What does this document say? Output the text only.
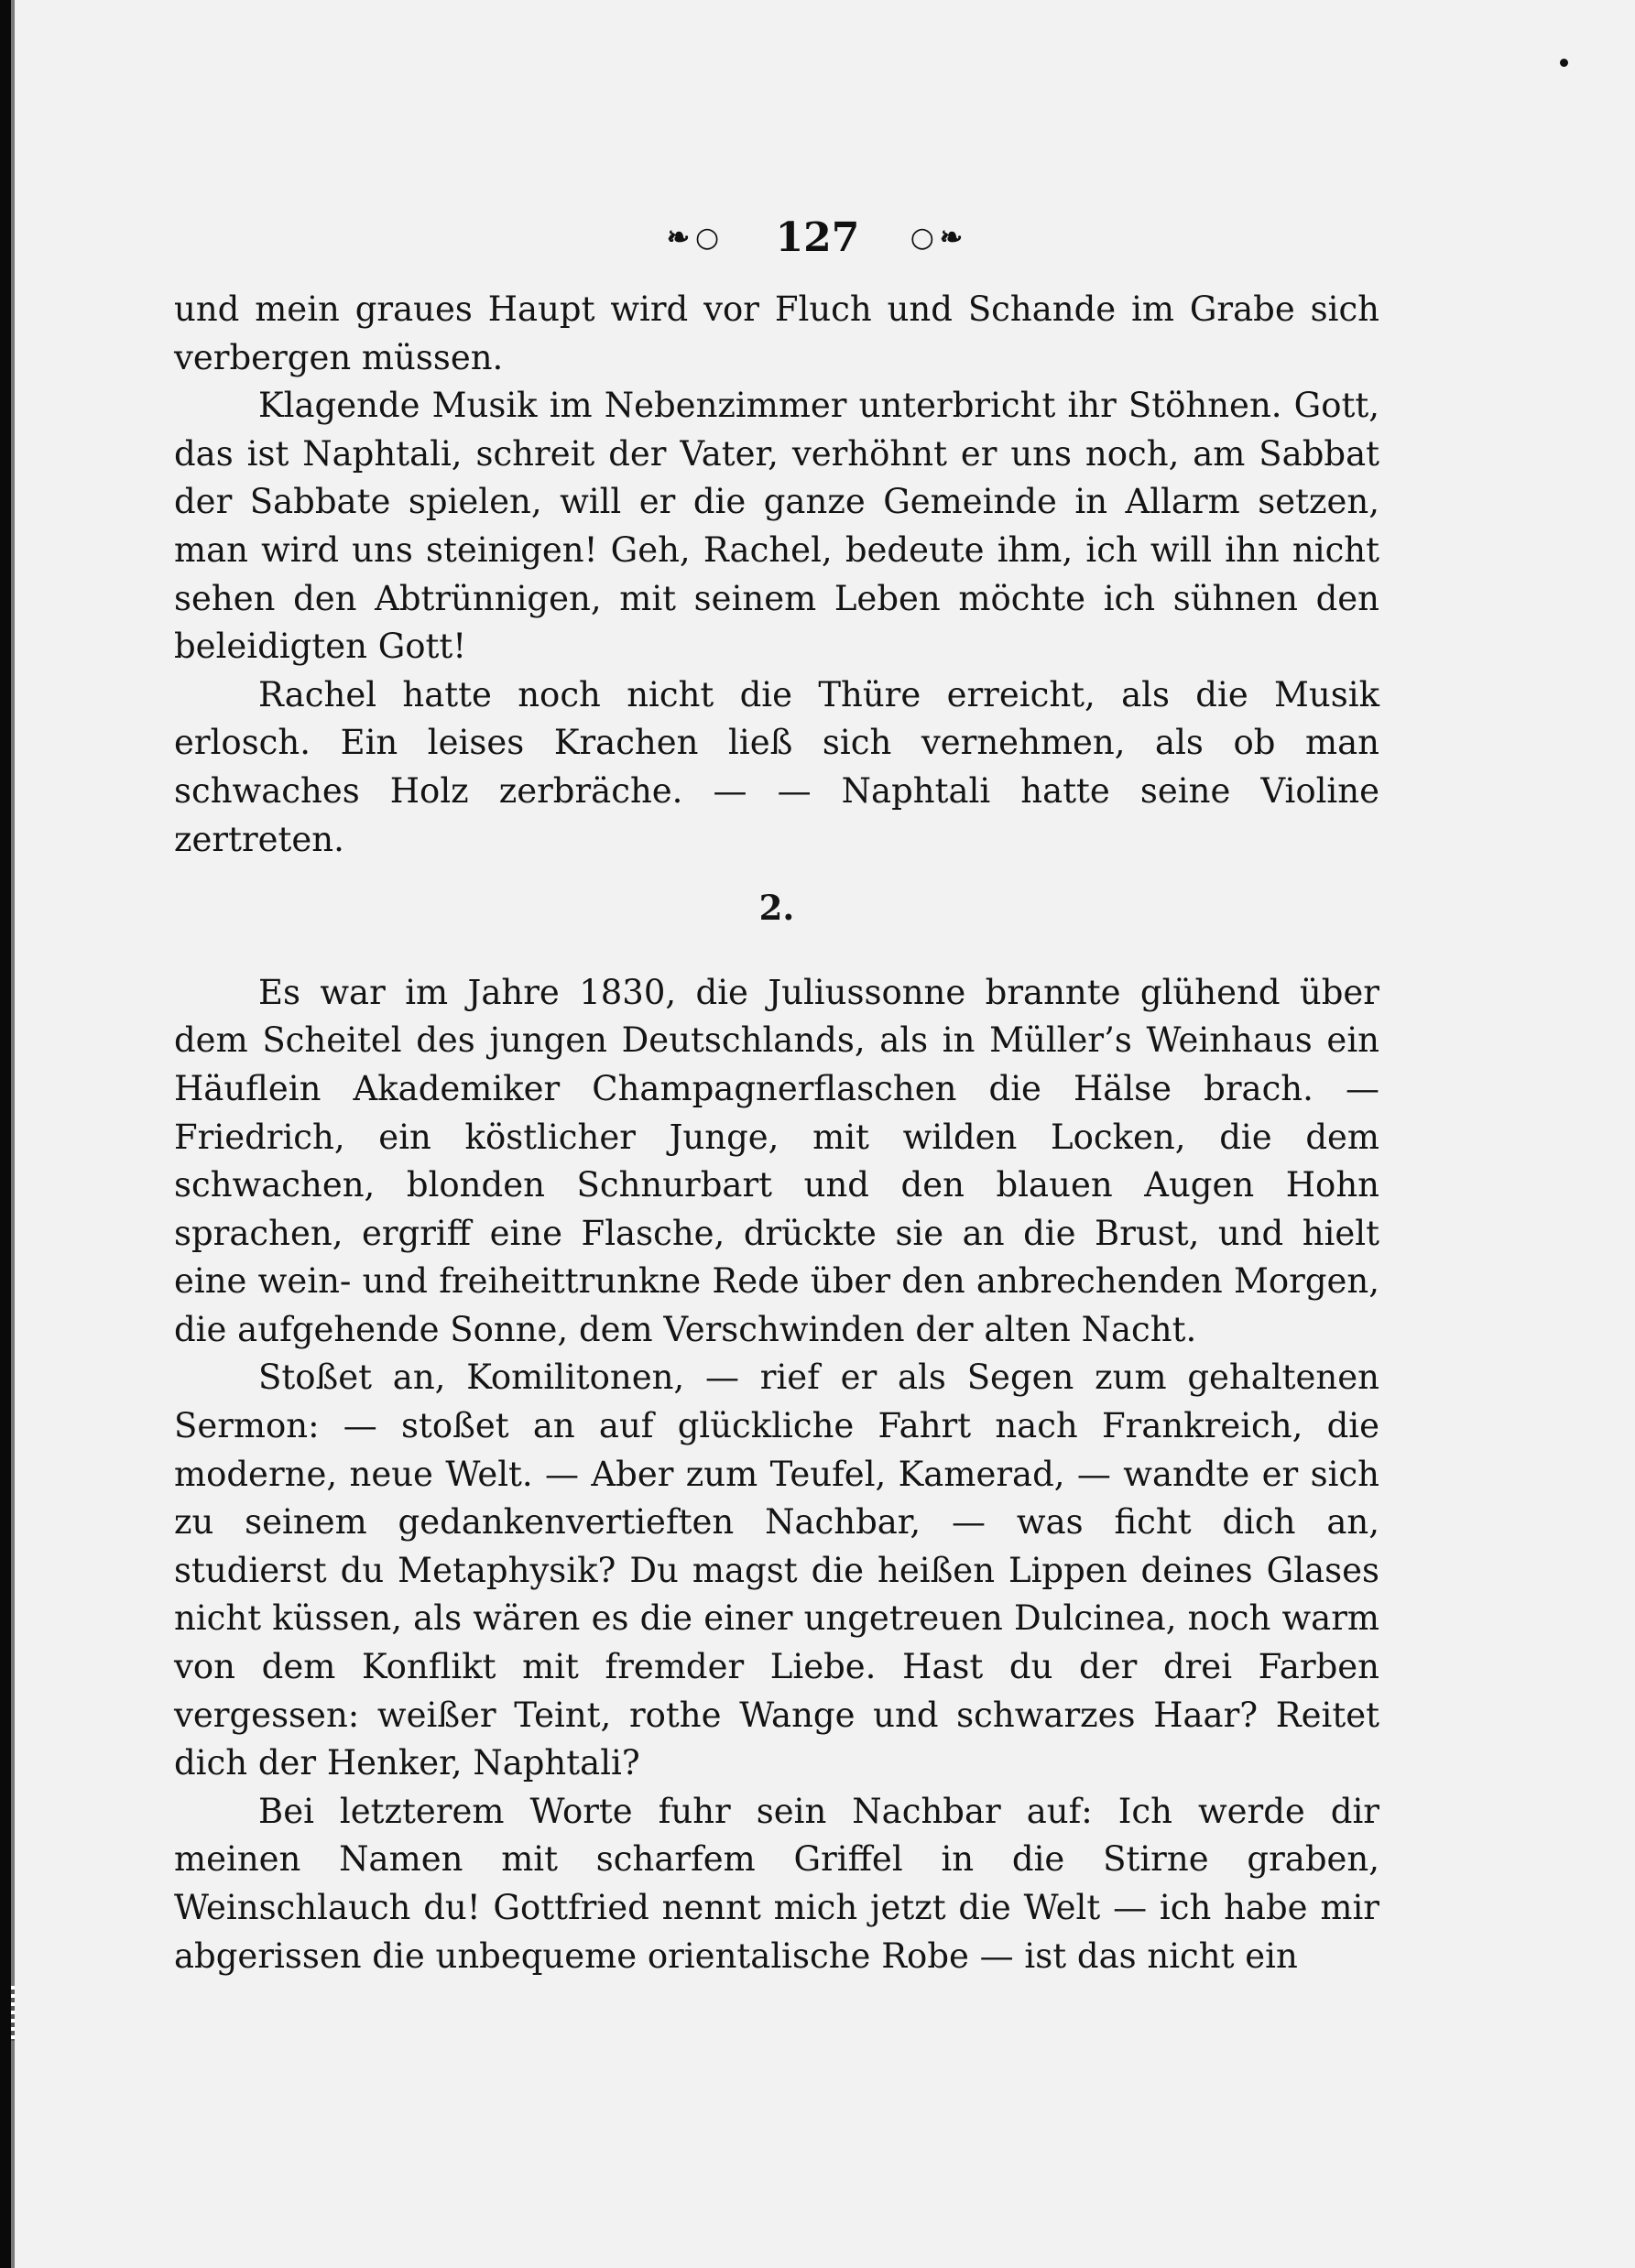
❧○ 127 ○❧

und mein graues Haupt wird vor Fluch und Schande im Grabe sich verbergen müssen.

Klagende Musik im Nebenzimmer unterbricht ihr Stöhnen. Gott, das ist Naphtali, schreit der Vater, verhöhnt er uns noch, am Sabbat der Sabbate spielen, will er die ganze Gemeinde in Allarm setzen, man wird uns steinigen! Geh, Rachel, bedeute ihm, ich will ihn nicht sehen den Abtrünnigen, mit seinem Leben möchte ich sühnen den beleidigten Gott!

Rachel hatte noch nicht die Thüre erreicht, als die Musik erlosch. Ein leises Krachen ließ sich vernehmen, als ob man schwaches Holz zerbräche. — — Naphtali hatte seine Violine zertreten.

2.

Es war im Jahre 1830, die Juliussonne brannte glühend über dem Scheitel des jungen Deutschlands, als in Müller’s Weinhaus ein Häuflein Akademiker Champagnerflaschen die Hälse brach. — Friedrich, ein köstlicher Junge, mit wilden Locken, die dem schwachen, blonden Schnurbart und den blauen Augen Hohn sprachen, ergriff eine Flasche, drückte sie an die Brust, und hielt eine wein- und freiheittrunkne Rede über den anbrechenden Morgen, die aufgehende Sonne, dem Verschwinden der alten Nacht.

Stoßet an, Komilitonen, — rief er als Segen zum gehaltenen Sermon: — stoßet an auf glückliche Fahrt nach Frankreich, die moderne, neue Welt. — Aber zum Teufel, Kamerad, — wandte er sich zu seinem gedankenvertieften Nachbar, — was ficht dich an, studierst du Metaphysik? Du magst die heißen Lippen deines Glases nicht küssen, als wären es die einer ungetreuen Dulcinea, noch warm von dem Konflikt mit fremder Liebe. Hast du der drei Farben vergessen: weißer Teint, rothe Wange und schwarzes Haar? Reitet dich der Henker, Naphtali?

Bei letzterem Worte fuhr sein Nachbar auf: Ich werde dir meinen Namen mit scharfem Griffel in die Stirne graben, Weinschlauch du! Gottfried nennt mich jetzt die Welt — ich habe mir abgerissen die unbequeme orientalische Robe — ist das nicht ein
